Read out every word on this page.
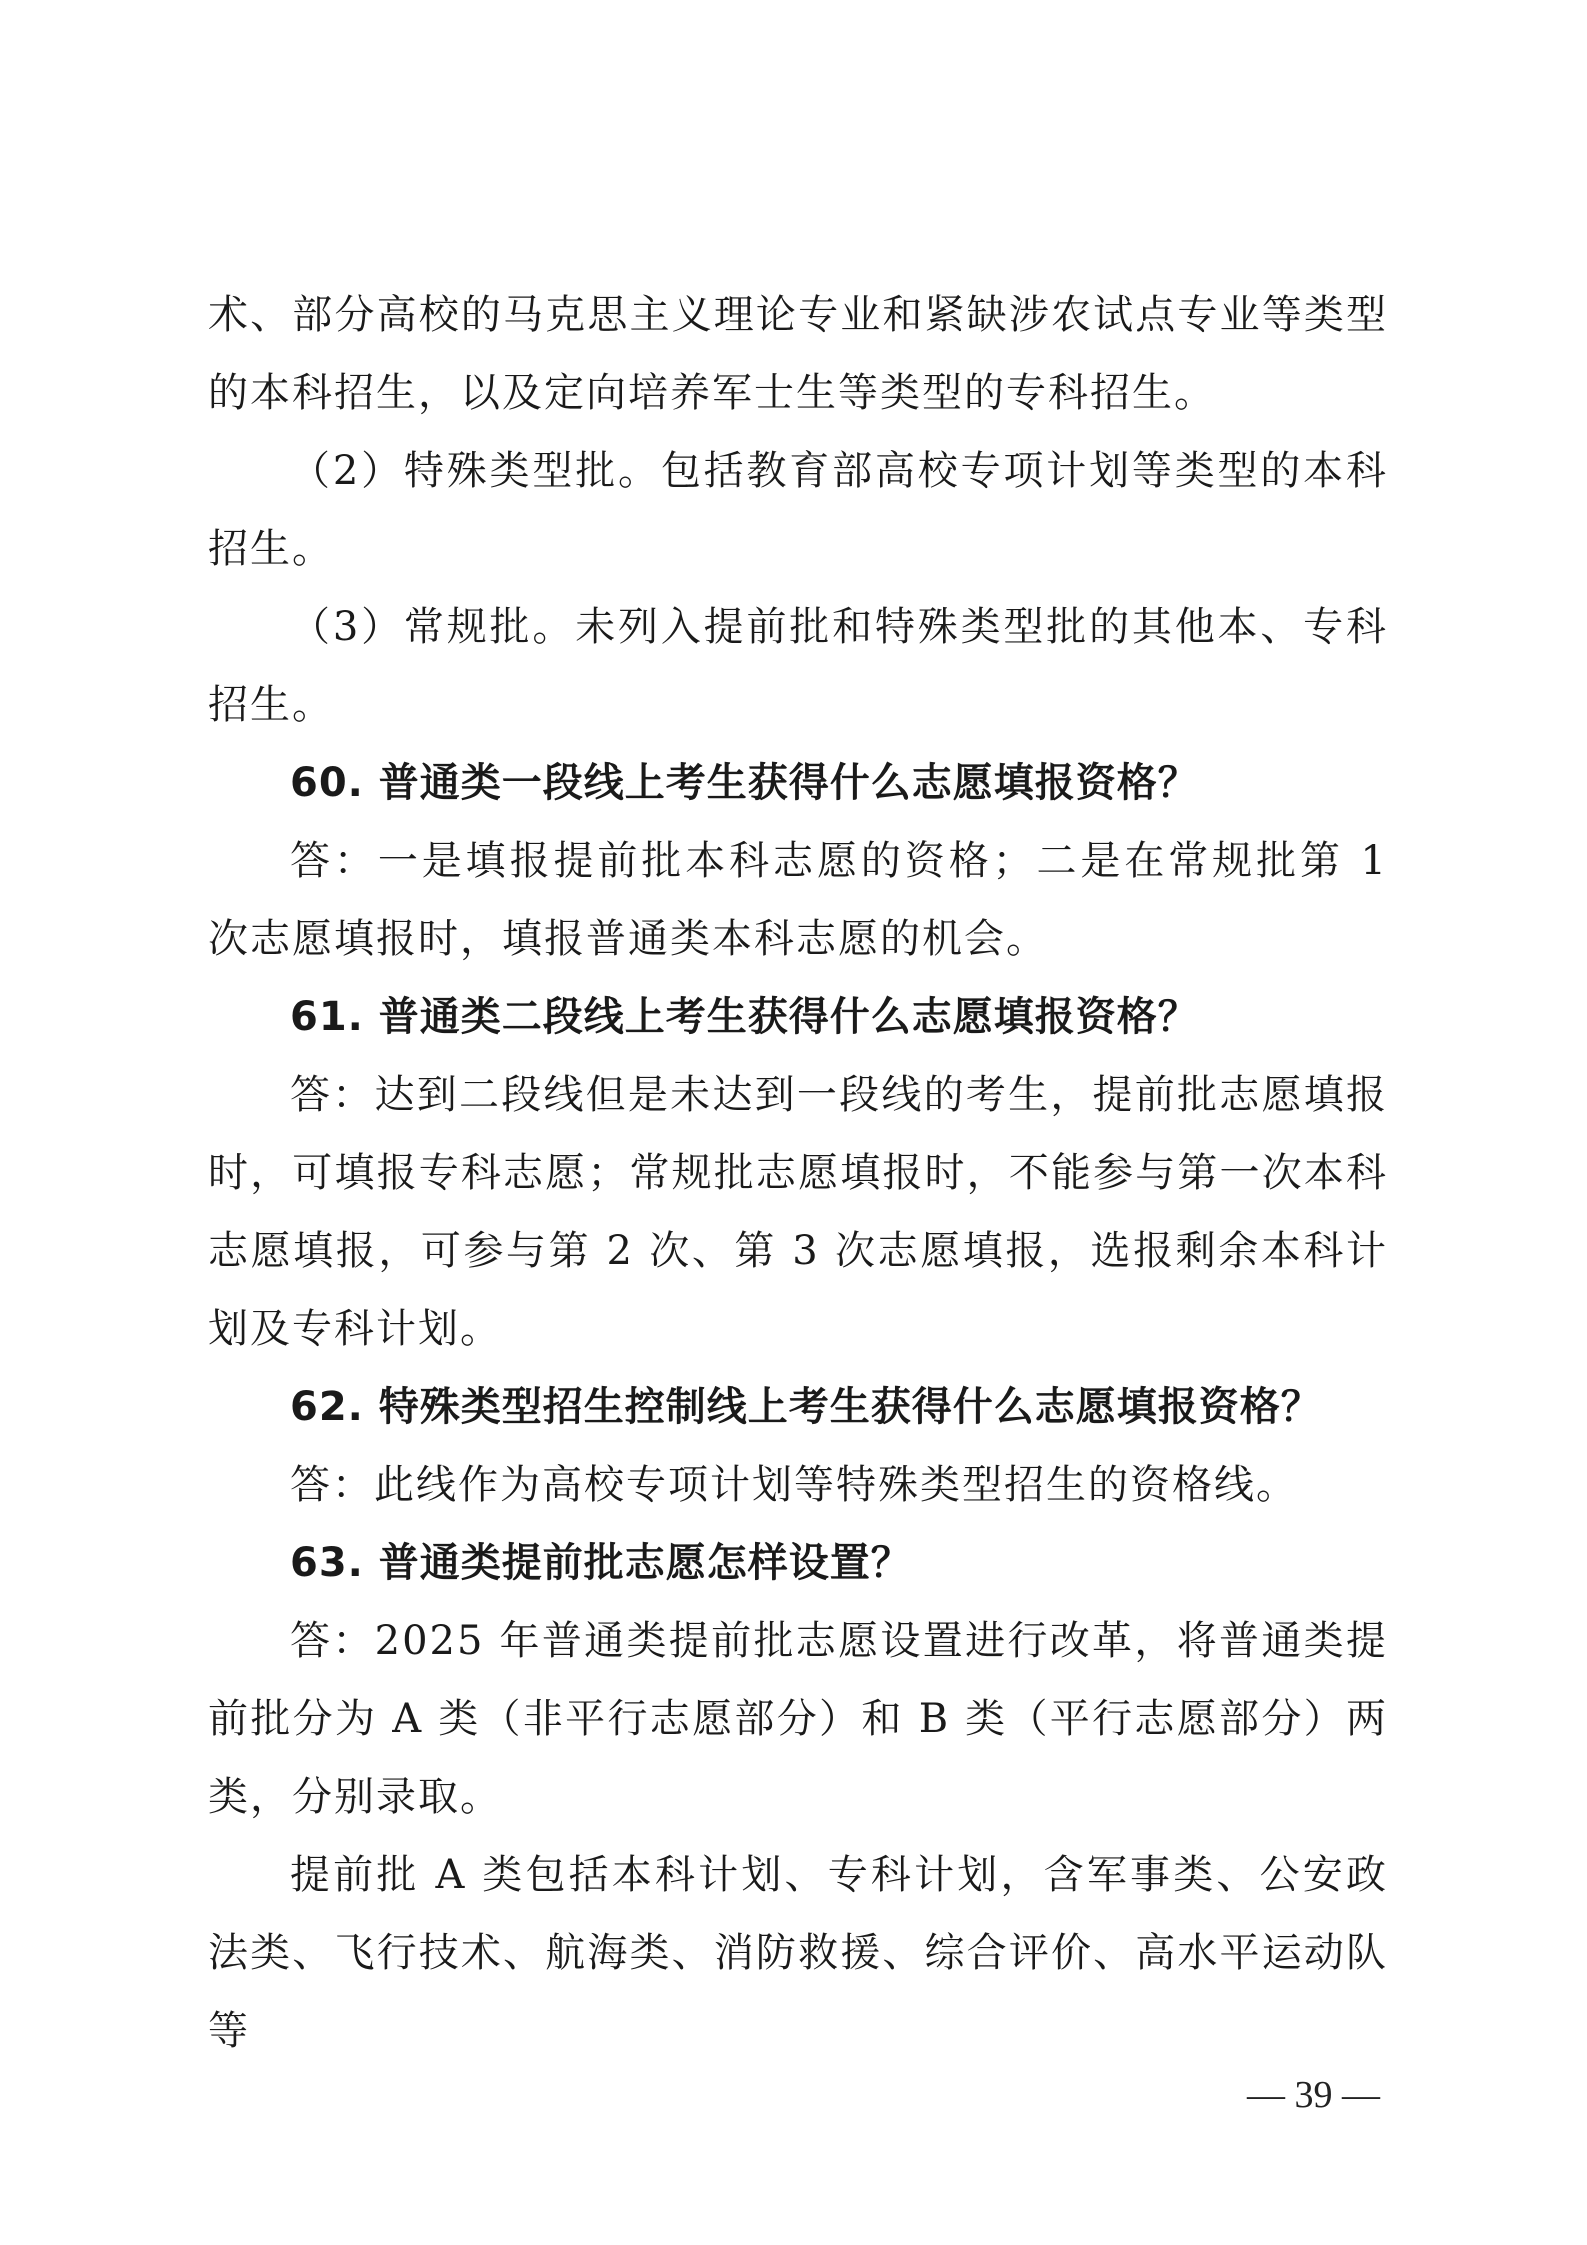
术、部分高校的马克思主义理论专业和紧缺涉农试点专业等类型的本科招生，以及定向培养军士生等类型的专科招生。

（2）特殊类型批。包括教育部高校专项计划等类型的本科招生。

（3）常规批。未列入提前批和特殊类型批的其他本、专科招生。

60. 普通类一段线上考生获得什么志愿填报资格？

答：一是填报提前批本科志愿的资格；二是在常规批第 1 次志愿填报时，填报普通类本科志愿的机会。

61. 普通类二段线上考生获得什么志愿填报资格？

答：达到二段线但是未达到一段线的考生，提前批志愿填报时，可填报专科志愿；常规批志愿填报时，不能参与第一次本科志愿填报，可参与第 2 次、第 3 次志愿填报，选报剩余本科计划及专科计划。

62. 特殊类型招生控制线上考生获得什么志愿填报资格？

答：此线作为高校专项计划等特殊类型招生的资格线。

63. 普通类提前批志愿怎样设置？

答：2025 年普通类提前批志愿设置进行改革，将普通类提前批分为 A 类（非平行志愿部分）和 B 类（平行志愿部分）两类，分别录取。

提前批 A 类包括本科计划、专科计划，含军事类、公安政法类、飞行技术、航海类、消防救援、综合评价、高水平运动队等

— 39 —
